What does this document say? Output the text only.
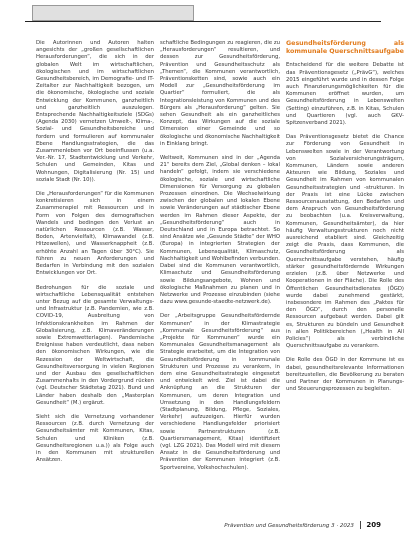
Die Autorinnen und Autoren halten angesichts der „großen gesellschaftlichen Herausforderungen“, die sich in der globalen Welt im wirtschaftlichen, ökologischen und im wirtschaftlichen Gesundheitsbereich, im Demografie- und IT-Zeitalter zur Nachhaltigkeit bezogen, um die ökonomische, ökologische und soziale Entwicklung der Kommunen, ganzheitlich und ganzheitlich auszulegen. Entsprechende Nachhaltigkeitsziele (SDGs) (Agenda 2030) vernetzen Umwelt-, Klima-, Sozial- und Gesundheitsbereiche und fordern und formulieren auf kommunaler Ebene Handlungsstrategien, die das Zusammenleben vor Ort beeinflussen (u.a. Ver.-Nr. 17, Stadtentwicklung und Verkehr, Schulen und Gemeinden, Kitas und Wohnungen, Digitalisierung (Nr. 15) und soziale Stadt (Nr. 10)).

Die „Herausforderungen“ für die Kommunen konkretisieren sich in einem Zusammenspiel mit Ressourcen und in Form von Folgen des demografischen Wandels und bedingen den Verlust an natürlichen Ressourcen (z.B. Wasser, Boden, Artenvielfalt), Klimawandel (z.B. Hitzewellen), und Wasserknappheit (z.B. erhöhte Anzahl an Tagen über 30°C). Sie führen zu neuen Anforderungen und Bedarfen in Verbindung mit den sozialen Entwicklungen vor Ort.

Bedrohungen für die soziale und wirtschaftliche Lebensqualität entstehen unter Bezug auf die gesamte Verwaltungs- und Infrastruktur (z.B. Pandemien, wie z.B. COVID-19, Ausbreitung von Infektionskrankheiten im Rahmen der Globalisierung, z.B. Klimaveränderungen sowie Extremwetterlagen). Pandemische Ereignisse haben verdeutlicht, dass neben den ökonomischen Wirkungen, wie die Rezession der Weltwirtschaft, die Gesundheitsversorgung in vielen Regionen und der Ausbau des gesellschaftlichen Zusammenhalts in den Vordergrund rücken (vgl. Deutscher Städtetag 2021). Bund und Länder haben deshalb den „Masterplan Gesundheit“ (M.) ergänzt.

Sieht sich die Vernetzung vorhandener Ressourcen (z.B. durch Vernetzung der Gesundheitsämter mit Kommunen, Kitas, Schulen und Kliniken (z.B. Gesundheitsregionen u.a.)) als Folge auch in den Kommunen mit strukturellen Ansätzen.

schaftliche Bedingungen zu reagieren, die zu „Herausforderungen“ resultieren, und dessen zur Gesundheitsförderung, Prävention und Gesundheitsschutz als „Themen“, die Kommunen verantwortlich, Präventionsketten sind, sowie auch ein Modell zur „Gesundheitsförderung im Quartier“ formuliert, die als Integrationsleistung von Kommunen und des Bürgers als „Herausforderung“ gelten. Sie sehen Gesundheit als ein ganzheitliches Konzept, das Wirkungen auf die soziale Dimension einer Gemeinde und so ökologische und ökonomische Nachhaltigkeit in Einklang bringt.

Weltweit, Kommunen sind in der „Agenda 21“ bereits dem Ziel, „Global denken – lokal handeln“ gefolgt, indem sie verschiedene ökologische, soziale und wirtschaftliche Dimensionen für Versorgung zu globalen Prozessen einordnen. Die Wechselwirkung zwischen der globalen und lokalen Ebene sowie Veränderungen auf städtischer Ebene werden im Rahmen dieser Aspekte, der „Gesundheitsförderung“ auch in Deutschland und in Europa betrachtet. So sind Ansätze wie „Gesunde Städte“ der WHO (Europa) in integrierten Strategien der Kommunen, Lebensqualität, Klimaschutz, Nachhaltigkeit und Wohlbefinden verbunden. Dabei sind die Kommunen verantwortlich, Klimaschutz und Gesundheitsförderung sowie Bildungsangebote, Wohnen und ökologische Maßnahmen zu planen und in Netzwerke und Prozesse einzubinden (siehe dazu www.gesunde-staedte-netzwerk.de).

Der „Arbeitsgruppe Gesundheitsfördernde Kommunen“ in der Klimastrategie „Kommunale Gesundheitsförderung“ aus „Projekte für Kommunen“ wurde ein Kommunales Gesundheitsmanagement als Strategie erarbeitet, um die Integration von Gesundheitsförderung in kommunale Strukturen und Prozesse zu verankern, in dem eine Gesundheitsstrategie eingesetzt und entwickelt wird. Ziel ist dabei die Anknüpfung an die Strukturen der Kommunen, um deren Integration und Umsetzung in den Handlungsfeldern (Stadtplanung, Bildung, Pflege, Soziales, Verkehr) aufzuzeigen. Hierfür wurden verschiedene Handlungsfelder priorisiert sowie Partnerstrukturen (z.B. Quartiersmanagement, Kitas) identifiziert (vgl. LZG 2021). Das Modell wird mit diesem Ansatz in die Gesundheitsförderung und Prävention der Kommunen integriert (z.B. Sportvereine, Volkshochschulen).

Gesundheitsförderung als kommunale Querschnittsaufgabe

Entscheidend für die weitere Debatte ist das Präventionsgesetz („PrävG“), welches 2015 eingeführt wurde und in dessen Folge auch Finanzierungsmöglichkeiten für die Kommunen eröffnet wurden, um Gesundheitsförderung in Lebenswelten (Setting) einzuführen, z.B. in Kitas, Schulen und Quartieren (vgl. auch GKV-Spitzenverband 2021).

Das Präventionsgesetz bietet die Chance zur Förderung von Gesundheit in Lebenswelten sowie in der Verantwortung von Sozialversicherungsträgern, Kommunen, Ländern sowie anderen Akteuren wie Bildung, Soziales und Gesundheit im Rahmen von kommunalen Gesundheitsstrategien und -strukturen. In der Praxis ist eine Lücke zwischen Ressourcenausstattung, den Bedarfen und dem Anspruch von Gesundheitsförderung zu beobachten (u.a. Kreisverwaltung, Kommunen, Gesundheitsämter), da hier häufig Verwaltungsstrukturen noch nicht ausreichend etabliert sind. Gleichzeitig zeigt die Praxis, dass Kommunen, die Gesundheitsförderung als Querschnittsaufgabe verstehen, häufig stärker gesundheitsfördernde Wirkungen erzielen (z.B. über Netzwerke und Kooperationen in der Fläche). Die Rolle des Öffentlichen Gesundheitsdienstes (ÖGD) wurde dabei zunehmend gestärkt, insbesondere im Rahmen des „Paktes für den ÖGD“, durch den personelle Ressourcen aufgebaut werden. Dabei gilt es, Strukturen zu bündeln und Gesundheit in allen Politikbereichen („Health in All Policies“) als verbindliche Querschnittsaufgabe zu verankern.

Die Rolle des ÖGD in der Kommune ist es dabei, gesundheitsrelevante Informationen bereitzustellen, die Bevölkerung zu beraten und Partner der Kommunen in Planungs- und Steuerungsprozessen zu begleiten.

Prävention und Gesundheitsförderung 3 · 2023 209
